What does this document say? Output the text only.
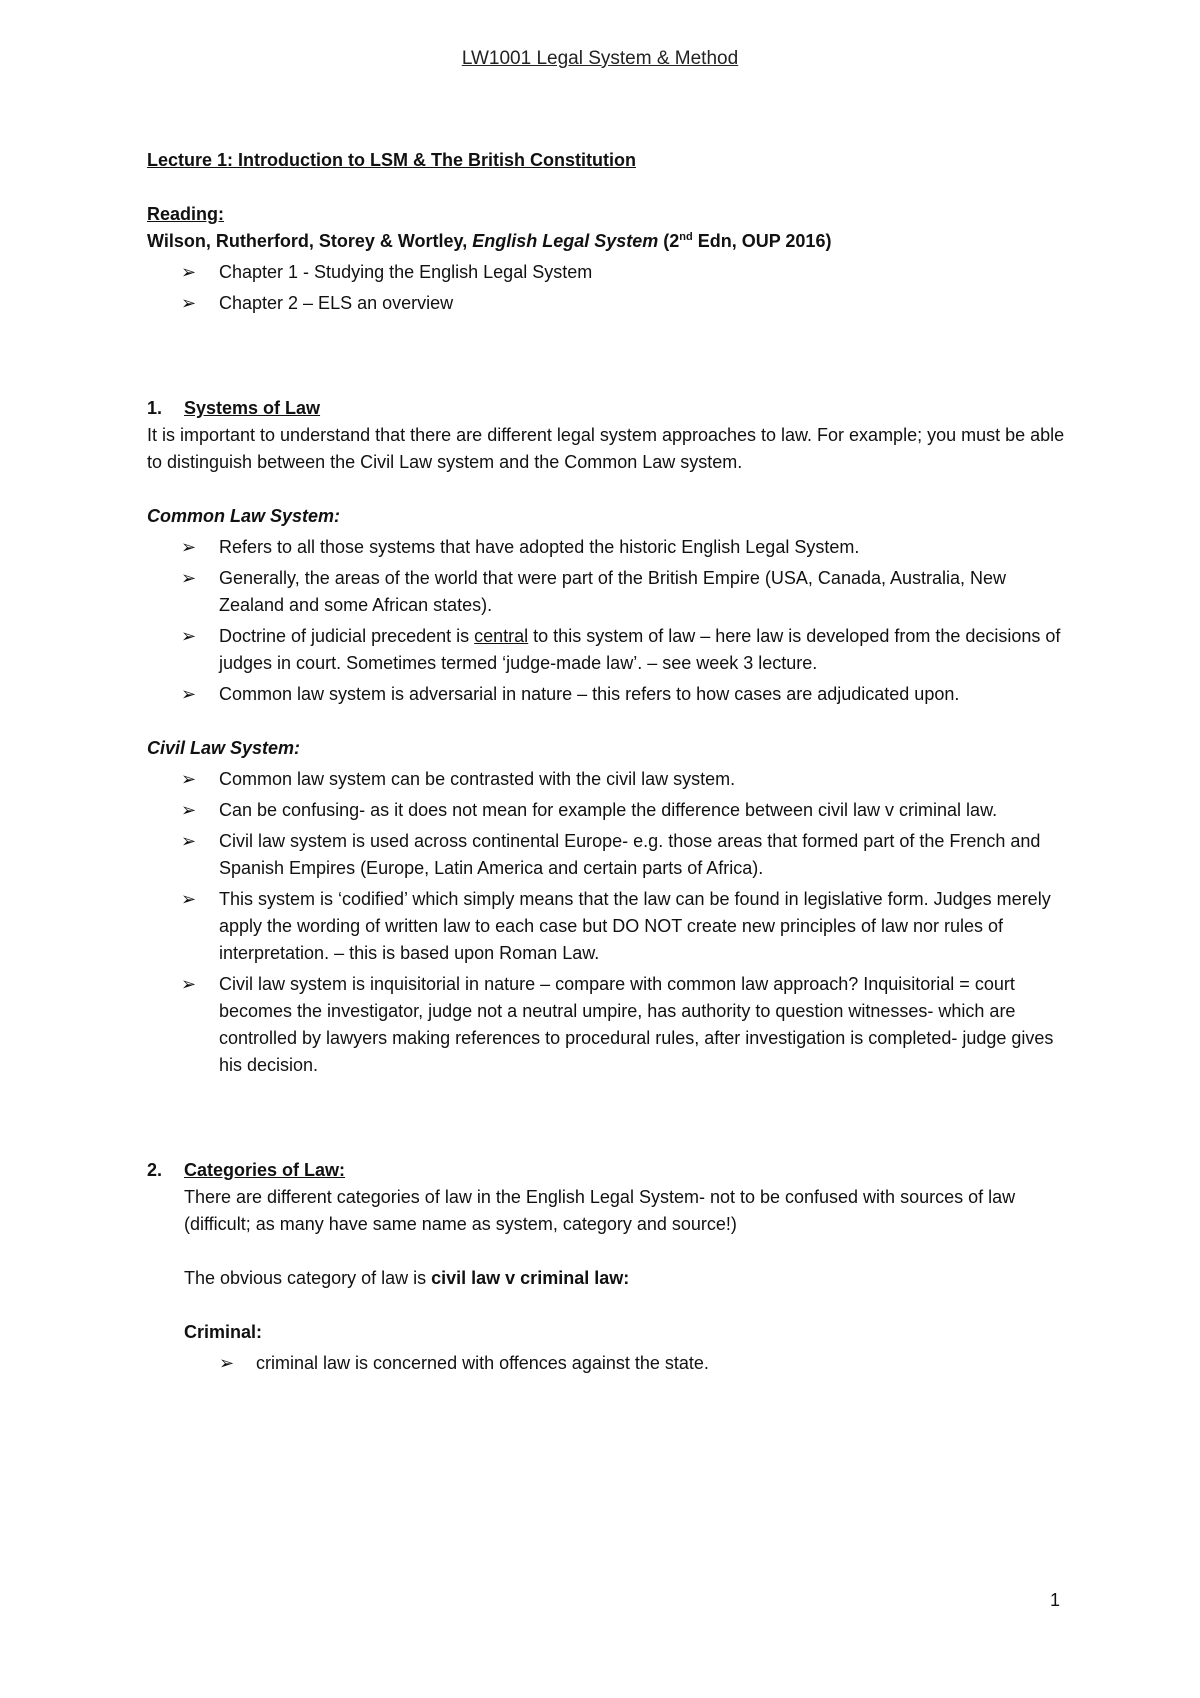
LW1001 Legal System & Method

Lecture 1: Introduction to LSM & The British Constitution

Reading:
Wilson, Rutherford, Storey & Wortley, English Legal System (2nd Edn, OUP 2016)
➢ Chapter 1 - Studying the English Legal System
➢ Chapter 2 – ELS an overview
1.	Systems of Law
It is important to understand that there are different legal system approaches to law. For example; you must be able to distinguish between the Civil Law system and the Common Law system.
Common Law System:
➢ Refers to all those systems that have adopted the historic English Legal System.
➢ Generally, the areas of the world that were part of the British Empire (USA, Canada, Australia, New Zealand and some African states).
➢ Doctrine of judicial precedent is central to this system of law – here law is developed from the decisions of judges in court. Sometimes termed ‘judge-made law’. – see week 3 lecture.
➢ Common law system is adversarial in nature – this refers to how cases are adjudicated upon.
Civil Law System:
➢ Common law system can be contrasted with the civil law system.
➢ Can be confusing- as it does not mean for example the difference between civil law v criminal law.
➢ Civil law system is used across continental Europe- e.g. those areas that formed part of the French and Spanish Empires (Europe, Latin America and certain parts of Africa).
➢ This system is ‘codified’ which simply means that the law can be found in legislative form. Judges merely apply the wording of written law to each case but DO NOT create new principles of law nor rules of interpretation. – this is based upon Roman Law.
➢ Civil law system is inquisitorial in nature – compare with common law approach? Inquisitorial = court becomes the investigator, judge not a neutral umpire, has authority to question witnesses- which are controlled by lawyers making references to procedural rules, after investigation is completed- judge gives his decision.
2.	Categories of Law:
There are different categories of law in the English Legal System- not to be confused with sources of law (difficult; as many have same name as system, category and source!)
The obvious category of law is civil law v criminal law:
Criminal:
➢ criminal law is concerned with offences against the state.
1
